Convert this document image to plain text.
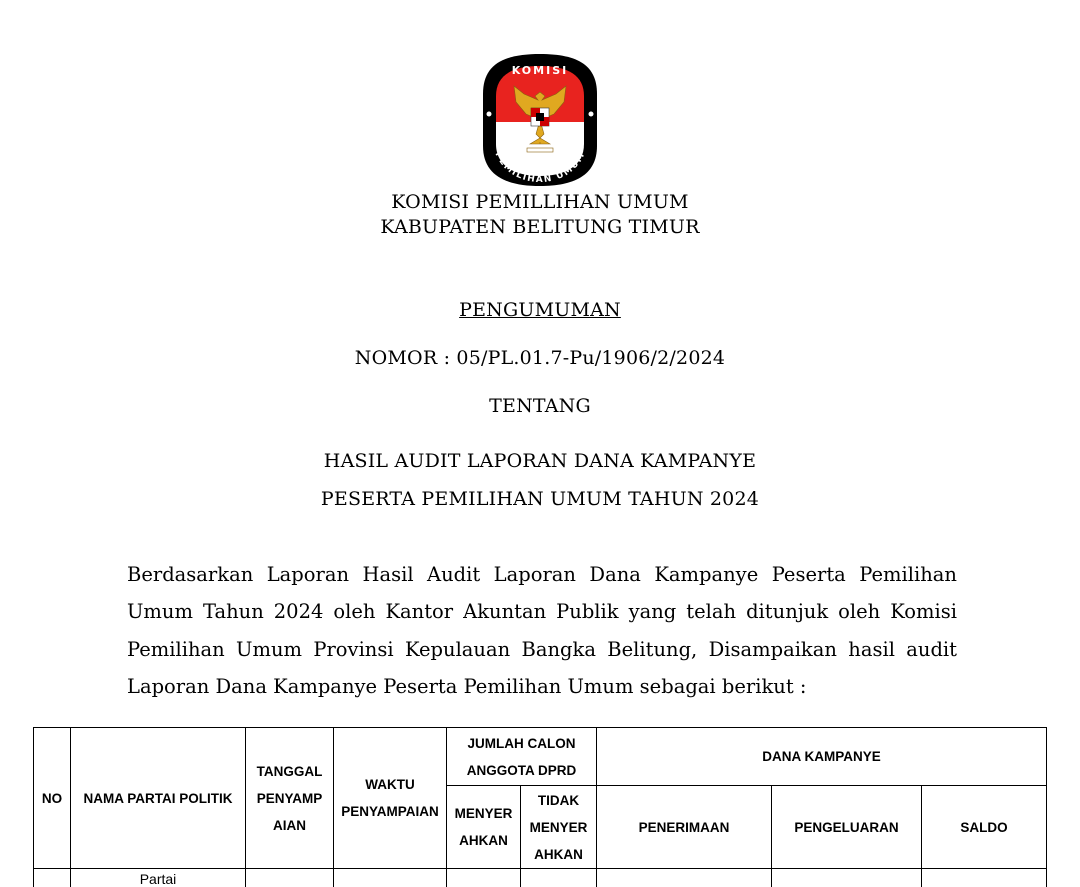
KOMISI
PEMILIHAN UMUM
KOMISI PEMILLIHAN UMUM
KABUPATEN BELITUNG TIMUR
PENGUMUMAN
NOMOR : 05/PL.01.7-Pu/1906/2/2024
TENTANG
HASIL AUDIT LAPORAN DANA KAMPANYE
PESERTA PEMILIHAN UMUM TAHUN 2024
Berdasarkan Laporan Hasil Audit Laporan Dana Kampanye Peserta Pemilihan
Umum Tahun 2024 oleh Kantor Akuntan Publik yang telah ditunjuk oleh Komisi
Pemilihan Umum Provinsi Kepulauan Bangka Belitung, Disampaikan hasil audit
Laporan Dana Kampanye Peserta Pemilihan Umum sebagai berikut :
NO	NAMA PARTAI POLITIK	TANGGAL PENYAMP AIAN	WAKTU PENYAMPAIAN	JUMLAH CALON ANGGOTA DPRD		DANA KAMPANYE		
				MENYER AHKAN	TIDAK MENYER AHKAN	PENERIMAAN	PENGELUARAN	SALDO
	Partai							
